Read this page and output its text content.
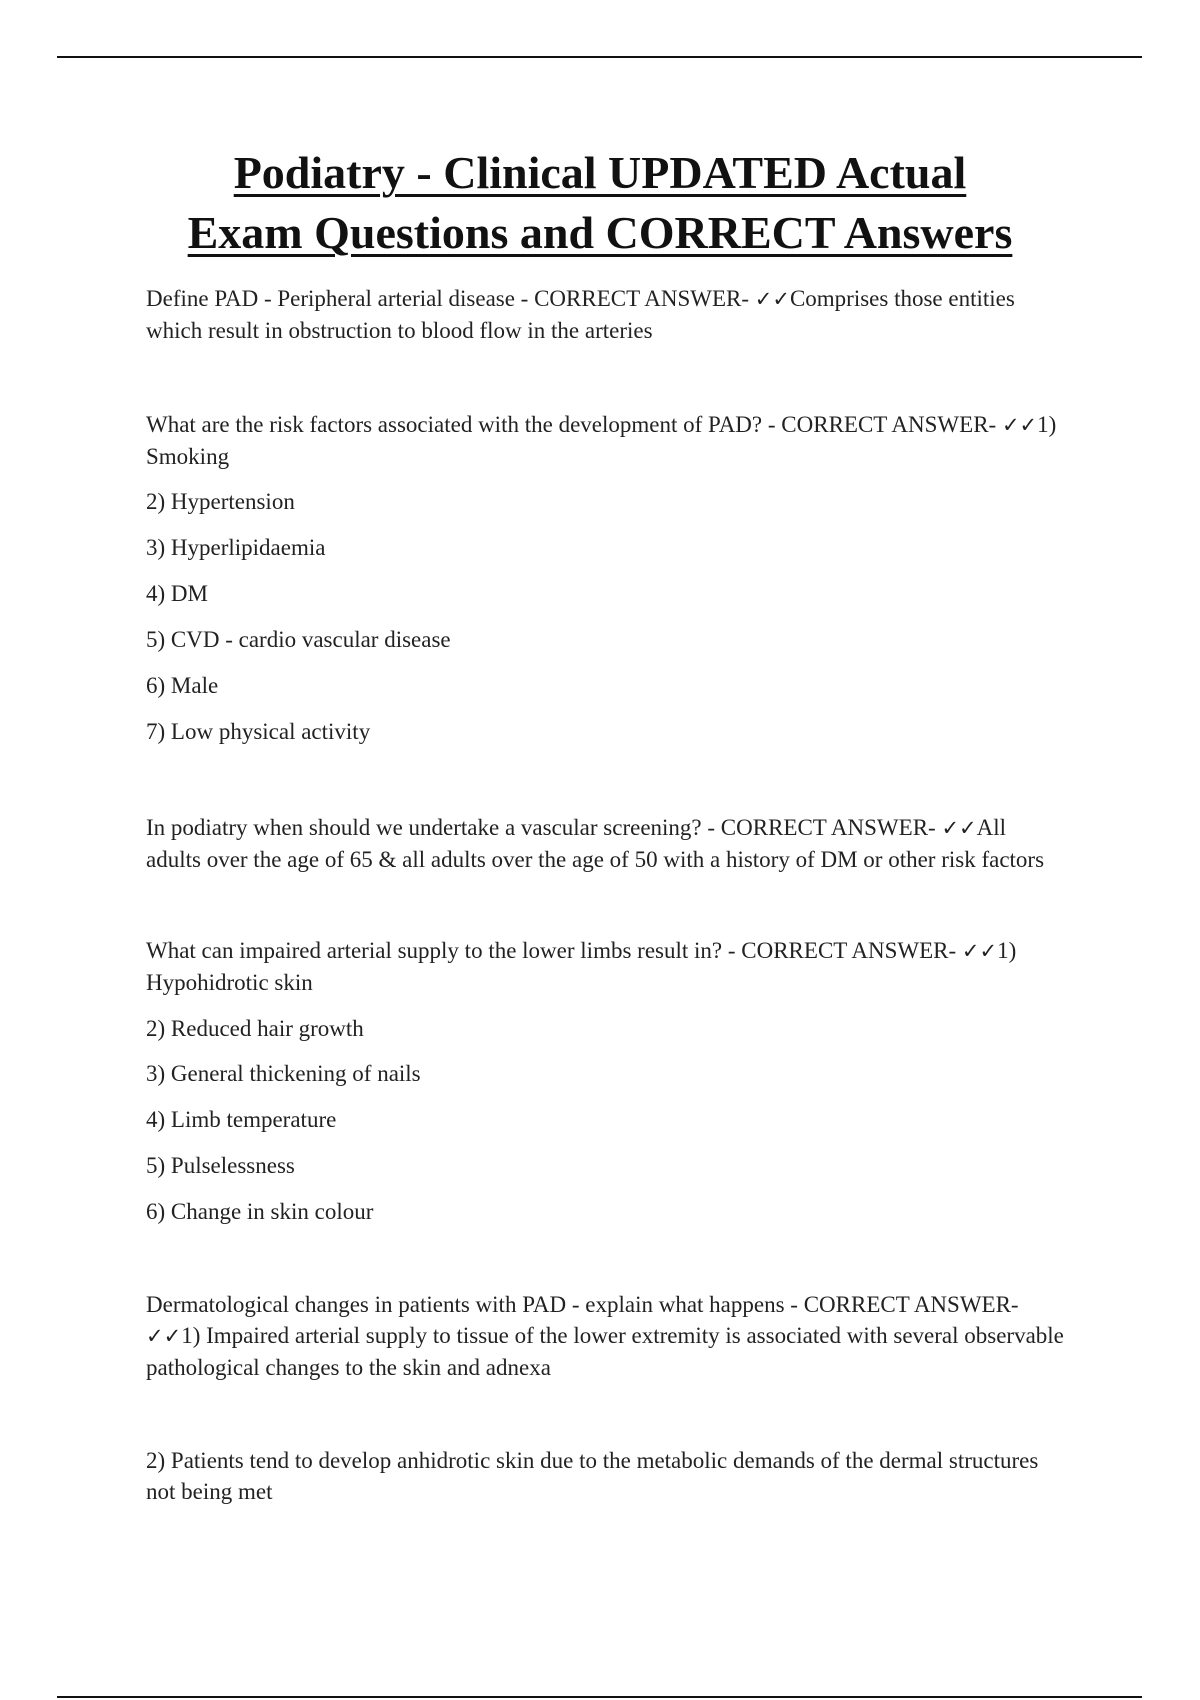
Podiatry - Clinical UPDATED Actual
Exam Questions and CORRECT Answers

Define PAD - Peripheral arterial disease - CORRECT ANSWER- ✓✓Comprises those entities which result in obstruction to blood flow in the arteries

What are the risk factors associated with the development of PAD? - CORRECT ANSWER- ✓✓1) Smoking

2) Hypertension

3) Hyperlipidaemia

4) DM

5) CVD - cardio vascular disease

6) Male

7) Low physical activity

In podiatry when should we undertake a vascular screening? - CORRECT ANSWER- ✓✓All adults over the age of 65 & all adults over the age of 50 with a history of DM or other risk factors

What can impaired arterial supply to the lower limbs result in? - CORRECT ANSWER- ✓✓1) Hypohidrotic skin

2) Reduced hair growth

3) General thickening of nails

4) Limb temperature

5) Pulselessness

6) Change in skin colour

Dermatological changes in patients with PAD - explain what happens - CORRECT ANSWER- ✓✓1) Impaired arterial supply to tissue of the lower extremity is associated with several observable pathological changes to the skin and adnexa

2) Patients tend to develop anhidrotic skin due to the metabolic demands of the dermal structures not being met
